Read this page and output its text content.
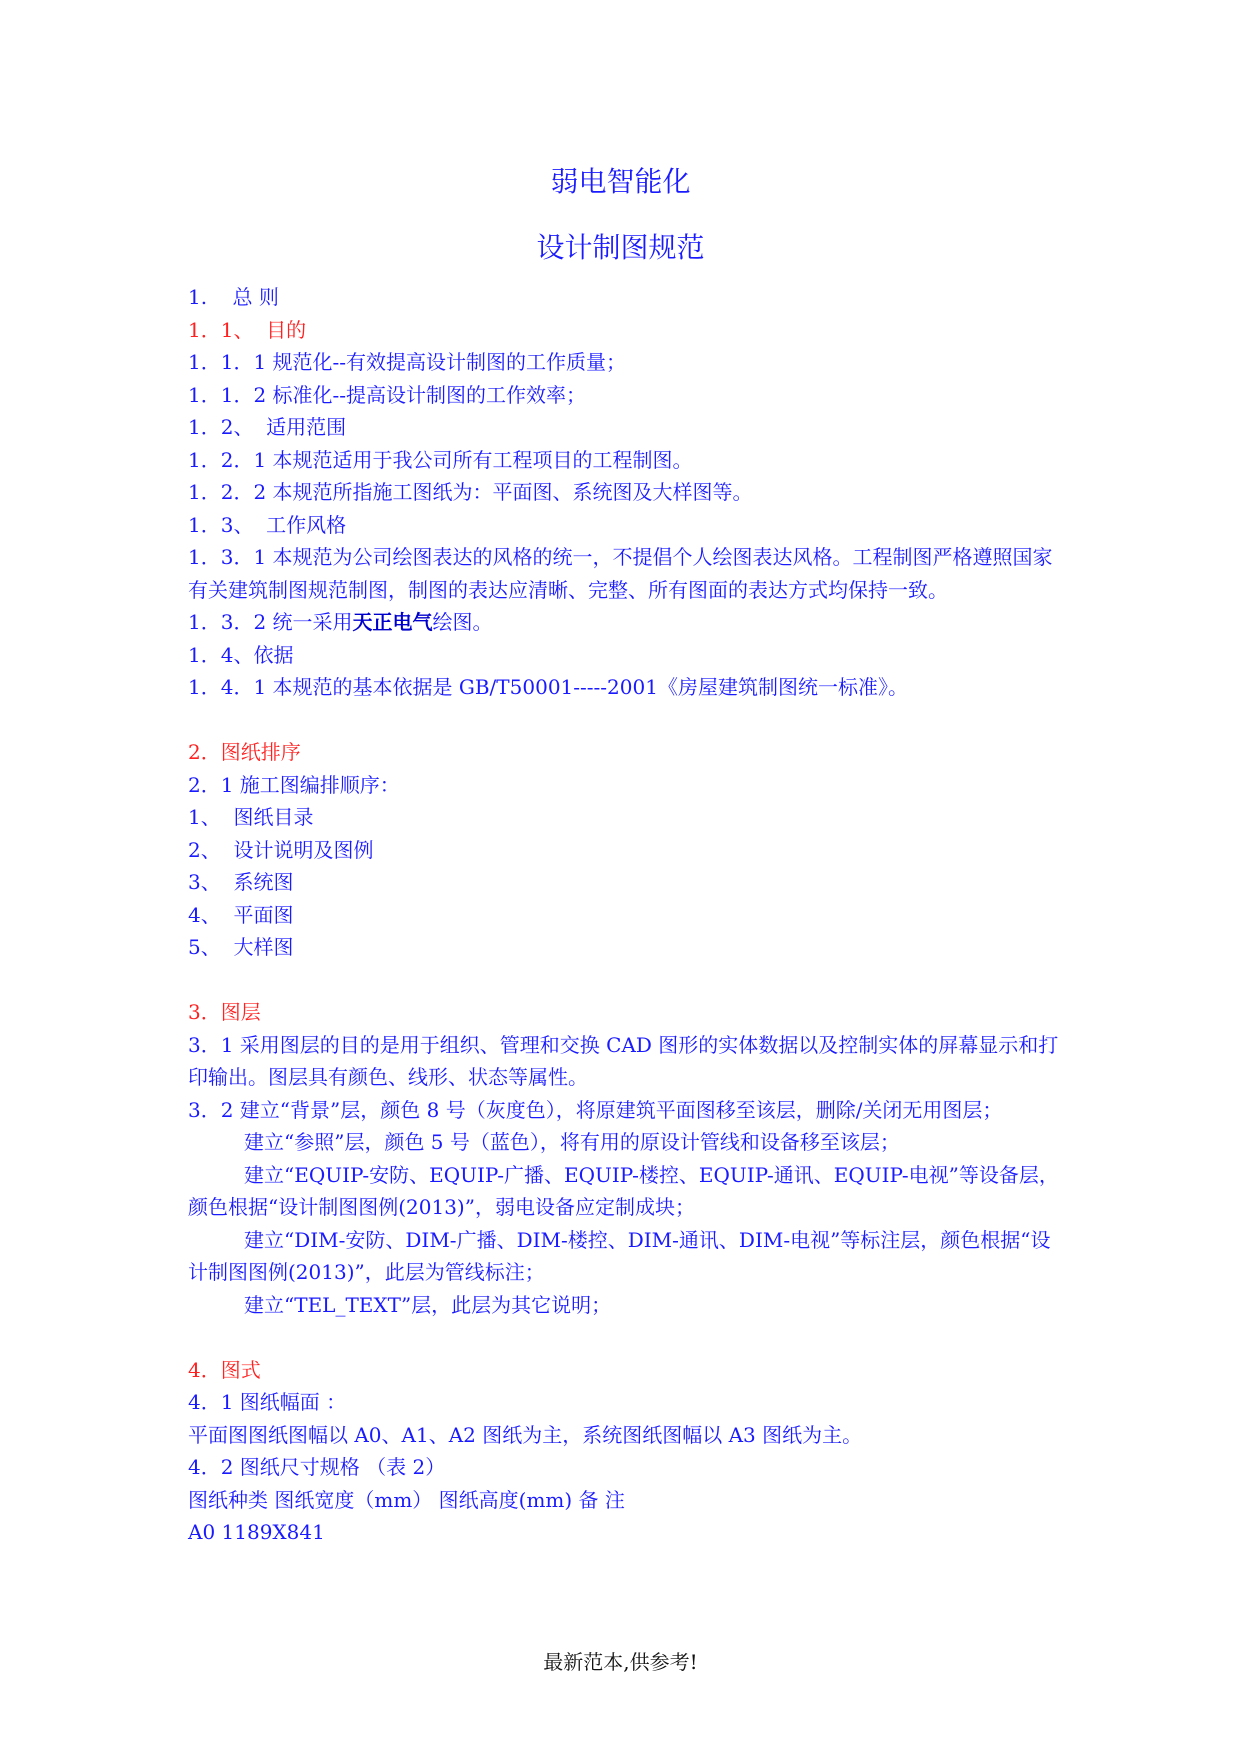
弱电智能化
设计制图规范
1.    总 则
1．1、  目的
1．1．1 规范化--有效提高设计制图的工作质量；
1．1．2 标准化--提高设计制图的工作效率；
1．2、  适用范围
1．2．1 本规范适用于我公司所有工程项目的工程制图。
1．2．2 本规范所指施工图纸为：平面图、系统图及大样图等。
1．3、  工作风格
1．3．1 本规范为公司绘图表达的风格的统一，不提倡个人绘图表达风格。工程制图严格遵照国家有关建筑制图规范制图，制图的表达应清晰、完整、所有图面的表达方式均保持一致。
1．3．2 统一采用天正电气绘图。
1．4、依据
1．4．1 本规范的基本依据是 GB/T50001-----2001《房屋建筑制图统一标准》。
2．图纸排序
2．1 施工图编排顺序：
1、  图纸目录
2、  设计说明及图例
3、  系统图
4、  平面图
5、  大样图
3．图层
3．1 采用图层的目的是用于组织、管理和交换 CAD 图形的实体数据以及控制实体的屏幕显示和打印输出。图层具有颜色、线形、状态等属性。
3．2 建立“背景”层，颜色 8 号（灰度色），将原建筑平面图移至该层，删除/关闭无用图层；
建立“参照”层，颜色 5 号（蓝色），将有用的原设计管线和设备移至该层；
建立“EQUIP-安防、EQUIP-广播、EQUIP-楼控、EQUIP-通讯、EQUIP-电视”等设备层，颜色根据“设计制图图例(2013)”，弱电设备应定制成块；
建立“DIM-安防、DIM-广播、DIM-楼控、DIM-通讯、DIM-电视”等标注层，颜色根据“设计制图图例(2013)”，此层为管线标注；
建立“TEL_TEXT”层，此层为其它说明；
4．图式
4．1 图纸幅面 ：
平面图图纸图幅以 A0、A1、A2 图纸为主，系统图纸图幅以 A3 图纸为主。
4．2 图纸尺寸规格 （表 2）
图纸种类 图纸宽度（mm） 图纸高度(mm) 备 注
A0 1189X841
最新范本,供参考!
